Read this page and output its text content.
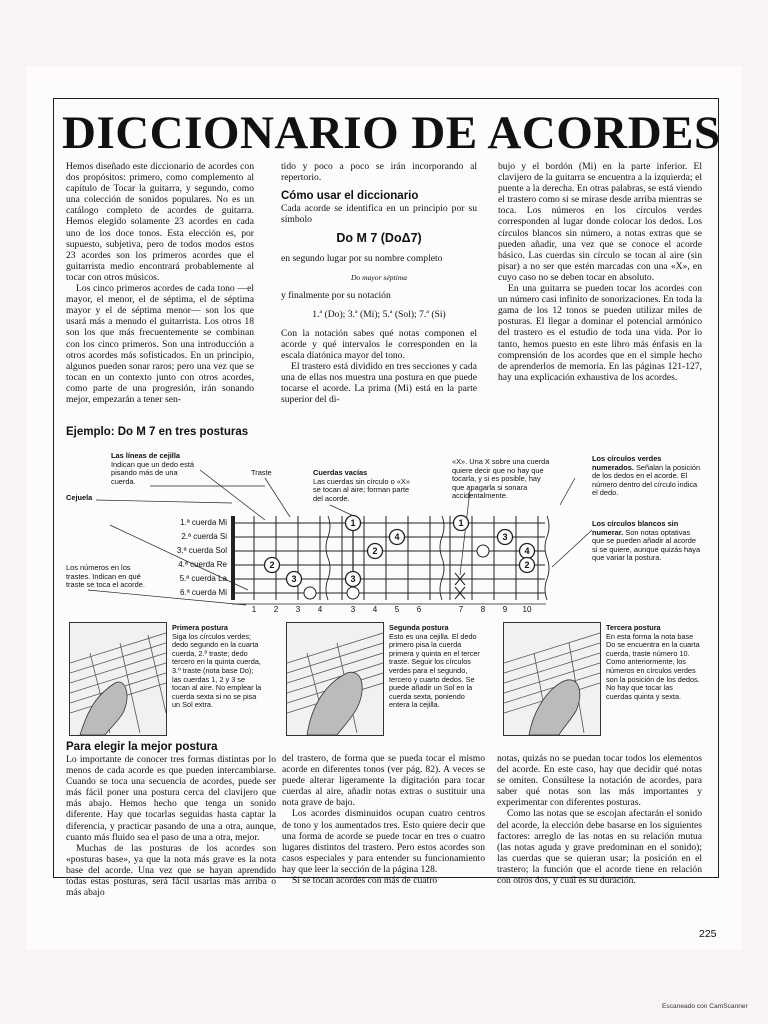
DICCIONARIO DE ACORDES

Hemos diseñado este diccionario de acordes con dos propósitos: primero, como complemento al capítulo de Tocar la guitarra, y segundo, como una colección de sonidos populares. No es un catálogo completo de acordes de guitarra. Hemos elegido solamente 23 acordes en cada uno de los doce tonos. Esta elección es, por supuesto, subjetiva, pero de todos modos estos 23 acordes son los primeros acordes que el guitarrista medio encontrará probablemente al tocar con otros músicos.

Los cinco primeros acordes de cada tono —el mayor, el menor, el de séptima, el de séptima mayor y el de séptima menor— son los que usará más a menudo el guitarrista. Los otros 18 son los que más frecuentemente se combinan con los cinco primeros. Son una introducción a otros acordes más sofisticados. En un principio, algunos pueden sonar raros; pero una vez que se tocan en un contexto junto con otros acordes, como parte de una progresión, irán sonando mejor, empezarán a tener sen-

tido y poco a poco se irán incorporando al repertorio.

Cómo usar el diccionario

Cada acorde se identifica en un principio por su símbolo

Do M 7 (DoΔ7)

en segundo lugar por su nombre completo

Do mayor séptima

y finalmente por su notación

1.ª (Do); 3.ª (Mi); 5.ª (Sol); 7.ª (Si)

Con la notación sabes qué notas componen el acorde y qué intervalos le corresponden en la escala diatónica mayor del tono.

El trastero está dividido en tres secciones y cada una de ellas nos muestra una postura en que puede tocarse el acorde. La prima (Mi) está en la parte superior del di-

bujo y el bordón (Mi) en la parte inferior. El clavijero de la guitarra se encuentra a la izquierda; el puente a la derecha. En otras palabras, se está viendo el trastero como si se mirase desde arriba mientras se toca. Los números en los círculos verdes corresponden al lugar donde colocar los dedos. Los círculos blancos sin número, a notas extras que se pueden añadir, una vez que se conoce el acorde básico. Las cuerdas sin círculo se tocan al aire (sin pisar) a no ser que estén marcadas con una «X», en cuyo caso no se deben tocar en absoluto.

En una guitarra se pueden tocar los acordes con un número casi infinito de sonorizaciones. En toda la gama de los 12 tonos se pueden utilizar miles de posturas. El llegar a dominar el potencial armónico del trastero es el estudio de toda una vida. Por lo tanto, hemos puesto en este libro más énfasis en la comprensión de los acordes que en el simple hecho de aprenderlos de memoria. En las páginas 121-127, hay una explicación exhaustiva de los acordes.

Ejemplo: Do M 7 en tres posturas
Las líneas de cejilla
Indican que un dedo está pisando más de una cuerda.
Traste	Cuerdas vacías
Las cuerdas sin círculo o «X» se tocan al aire; forman parte del acorde.
«X». Una X sobre una cuerda quiere decir que no hay que tocarla, y si es posible, hay que apagarla si sonara accidentalmente.
Los círculos verdes numerados. Señalan la posición de los dedos en el acorde. El número dentro del círculo indica el dedo.
Los círculos blancos sin numerar. Son notas optativas que se pueden añadir al acorde si se quiere, aunque quizás haya que variar la postura.
Cejuela
Los números en los trastes. Indican en qué traste se toca el acorde.
1.ª cuerda Mi
2.ª cuerda Si
3.ª cuerda Sol
4.ª cuerda Re
5.ª cuerda La
6.ª cuerda Mi
2
3
1
2
4
3
1
3
4
2
1 2 3 4	3 4 5 6	7 8 9 10
Primera postura
Siga los círculos verdes; dedo segundo en la cuarta cuerda, 2.º traste; dedo tercero en la quinta cuerda, 3.º traste (nota base Do); las cuerdas 1, 2 y 3 se tocan al aire. No emplear la cuerda sexta si no se pisa un Sol extra.
Segunda postura
Esto es una cejilla. El dedo primero pisa la cuerda primera y quinta en el tercer traste. Seguir los círculos verdes para el segundo, tercero y cuarto dedos. Se puede añadir un Sol en la cuerda sexta, poniendo entera la cejilla.
Tercera postura
En esta forma la nota base Do se encuentra en la cuarta cuerda, traste número 10. Como anteriormente, los números en círculos verdes son la posición de los dedos. No hay que tocar las cuerdas quinta y sexta.
Para elegir la mejor postura

Lo importante de conocer tres formas distintas por lo menos de cada acorde es que pueden intercambiarse. Cuando se toca una secuencia de acordes, puede ser más fácil poner una postura cerca del clavijero que más abajo. Hemos hecho que tenga un sonido diferente. Hay que tocarlas seguidas hasta captar la diferencia, y practicar pasando de una a otra, aunque, cuanto más fluido sea el paso de una a otra, mejor.

Muchas de las posturas de los acordes son «posturas base», ya que la nota más grave es la nota base del acorde. Una vez que se hayan aprendido todas estas posturas, será fácil usarlas más arriba o más abajo

del trastero, de forma que se pueda tocar el mismo acorde en diferentes tonos (ver pág. 82). A veces se puede alterar ligeramente la digitación para tocar cuerdas al aire, añadir notas extras o sustituir una nota grave de bajo.

Los acordes disminuidos ocupan cuatro centros de tono y los aumentados tres. Esto quiere decir que una forma de acorde se puede tocar en tres o cuatro lugares distintos del trastero. Pero estos acordes son casos especiales y para entender su funcionamiento hay que leer la sección de la página 128.

Si se tocan acordes con más de cuatro

notas, quizás no se puedan tocar todos los elementos del acorde. En este caso, hay que decidir qué notas se omiten. Consúltese la notación de acordes, para saber qué notas son las más importantes y experimentar con diferentes posturas.

Como las notas que se escojan afectarán el sonido del acorde, la elección debe basarse en los siguientes factores: arreglo de las notas en su relación mutua (las notas aguda y grave predominan en el sonido); las cuerdas que se quieran usar; la posición en el trastero; la función que el acorde tiene en relación con otros dos, y cuál es su duración.

225
Escaneado con CamScanner
